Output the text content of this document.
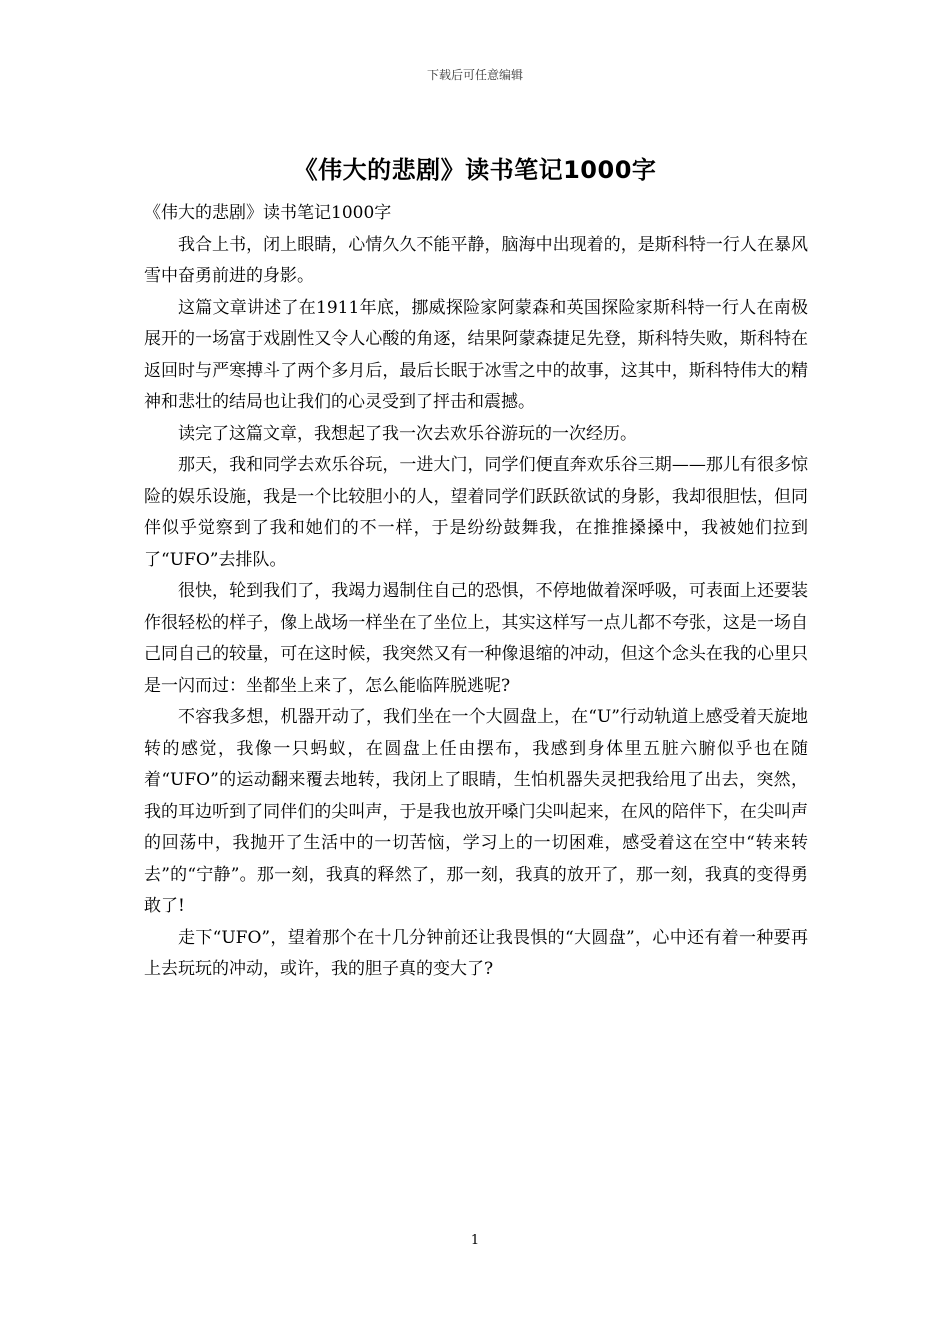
下载后可任意编辑
《伟大的悲剧》读书笔记1000字

《伟大的悲剧》读书笔记1000字

我合上书，闭上眼睛，心情久久不能平静，脑海中出现着的，是斯科特一行人在暴风雪中奋勇前进的身影。

这篇文章讲述了在1911年底，挪威探险家阿蒙森和英国探险家斯科特一行人在南极展开的一场富于戏剧性又令人心酸的角逐，结果阿蒙森捷足先登，斯科特失败，斯科特在返回时与严寒搏斗了两个多月后，最后长眠于冰雪之中的故事，这其中，斯科特伟大的精神和悲壮的结局也让我们的心灵受到了抨击和震撼。

读完了这篇文章，我想起了我一次去欢乐谷游玩的一次经历。

那天，我和同学去欢乐谷玩，一进大门，同学们便直奔欢乐谷三期——那儿有很多惊险的娱乐设施，我是一个比较胆小的人，望着同学们跃跃欲试的身影，我却很胆怯，但同伴似乎觉察到了我和她们的不一样，于是纷纷鼓舞我，在推推搡搡中，我被她们拉到了“UFO”去排队。

很快，轮到我们了，我竭力遏制住自己的恐惧，不停地做着深呼吸，可表面上还要装作很轻松的样子，像上战场一样坐在了坐位上，其实这样写一点儿都不夸张，这是一场自己同自己的较量，可在这时候，我突然又有一种像退缩的冲动，但这个念头在我的心里只是一闪而过：坐都坐上来了，怎么能临阵脱逃呢?

不容我多想，机器开动了，我们坐在一个大圆盘上，在“U”行动轨道上感受着天旋地转的感觉，我像一只蚂蚁，在圆盘上任由摆布，我感到身体里五脏六腑似乎也在随着“UFO”的运动翻来覆去地转，我闭上了眼睛，生怕机器失灵把我给甩了出去，突然，我的耳边听到了同伴们的尖叫声，于是我也放开嗓门尖叫起来，在风的陪伴下，在尖叫声的回荡中，我抛开了生活中的一切苦恼，学习上的一切困难，感受着这在空中“转来转去”的“宁静”。那一刻，我真的释然了，那一刻，我真的放开了，那一刻，我真的变得勇敢了!

走下“UFO”，望着那个在十几分钟前还让我畏惧的“大圆盘”，心中还有着一种要再上去玩玩的冲动，或许，我的胆子真的变大了?

1
